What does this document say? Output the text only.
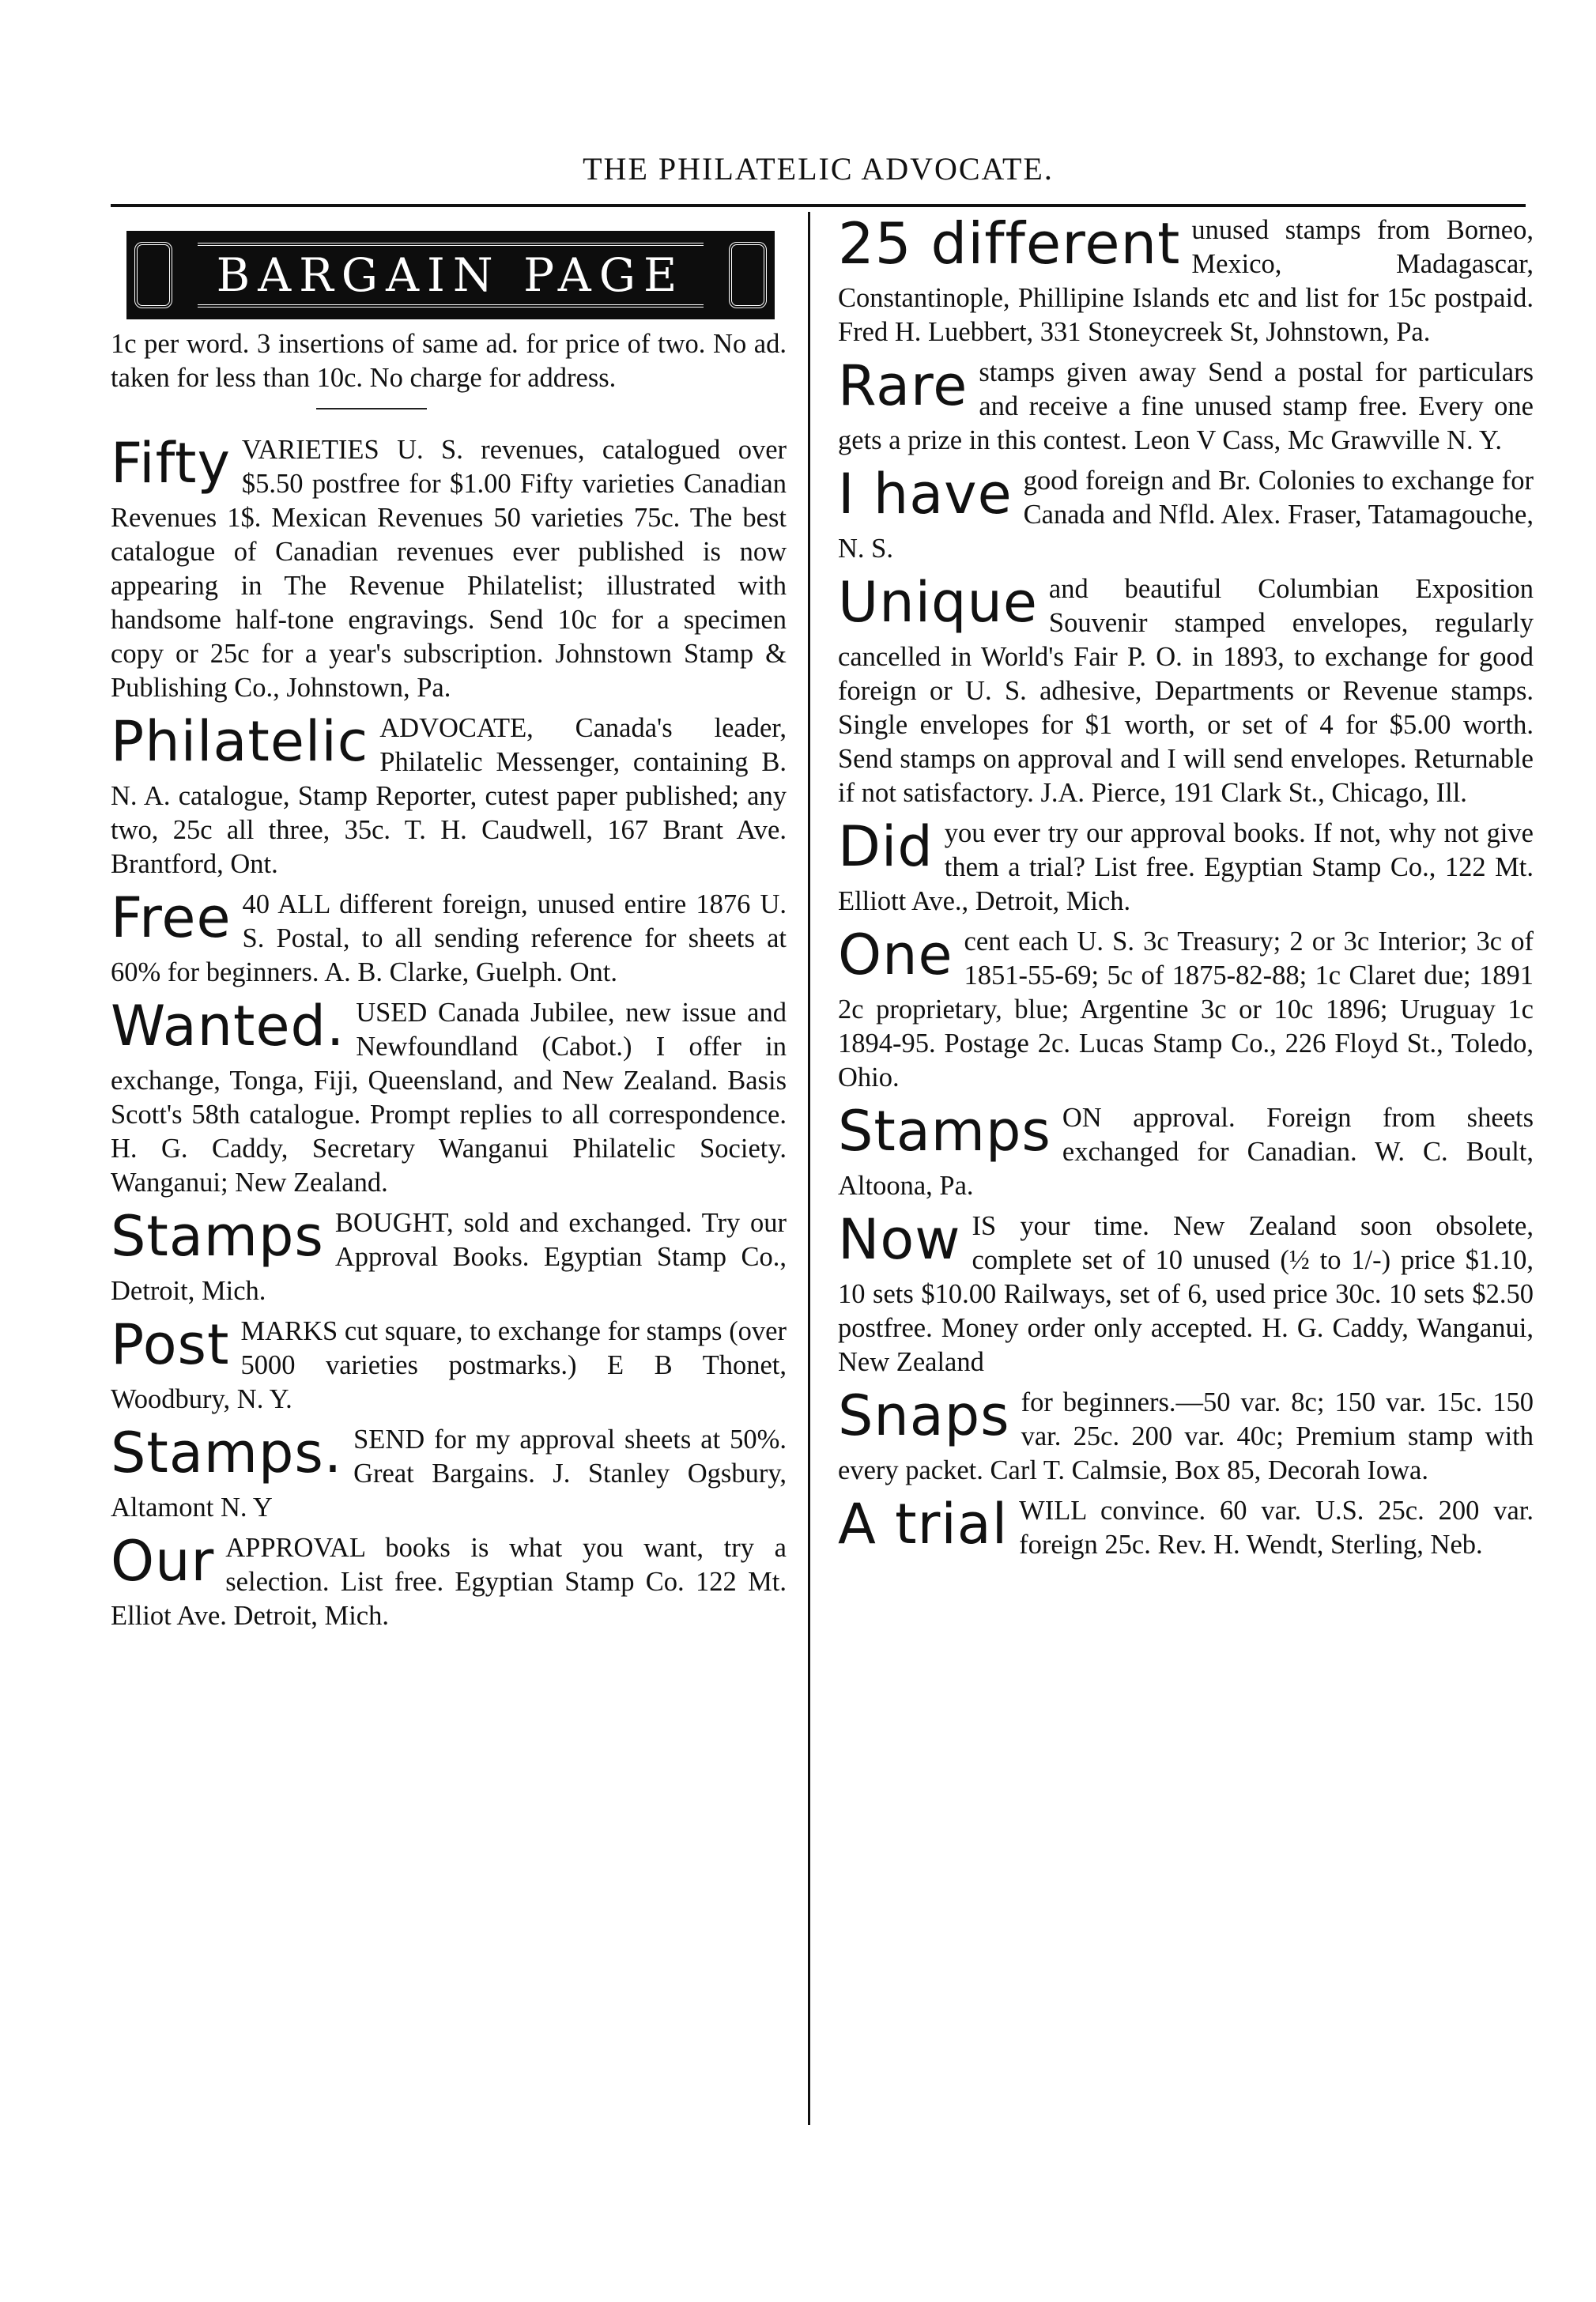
THE PHILATELIC ADVOCATE.
BARGAIN PAGE
1c per word. 3 insertions of same ad. for price of two. No ad. taken for less than 10c. No charge for address.
Fifty VARIETIES U. S. revenues, catalogued over $5.50 postfree for $1.00 Fifty varieties Canadian Revenues 1$. Mexican Revenues 50 varieties 75c. The best catalogue of Canadian revenues ever published is now appearing in The Revenue Philatelist; illustrated with handsome half-tone engravings. Send 10c for a specimen copy or 25c for a year's subscription. Johnstown Stamp & Publishing Co., Johnstown, Pa.
Philatelic ADVOCATE, Canada's leader, Philatelic Messenger, containing B. N. A. catalogue, Stamp Reporter, cutest paper published; any two, 25c all three, 35c. T. H. Caudwell, 167 Brant Ave. Brantford, Ont.
Free 40 ALL different foreign, unused entire 1876 U. S. Postal, to all sending reference for sheets at 60% for beginners. A. B. Clarke, Guelph. Ont.
Wanted. USED Canada Jubilee, new issue and Newfoundland (Cabot.) I offer in exchange, Tonga, Fiji, Queensland, and New Zealand. Basis Scott's 58th catalogue. Prompt replies to all correspondence. H. G. Caddy, Secretary Wanganui Philatelic Society. Wanganui; New Zealand.
Stamps BOUGHT, sold and exchanged. Try our Approval Books. Egyptian Stamp Co., Detroit, Mich.
Post MARKS cut square, to exchange for stamps (over 5000 varieties postmarks.) E B Thonet, Woodbury, N. Y.
Stamps. SEND for my approval sheets at 50%. Great Bargains. J. Stanley Ogsbury, Altamont N. Y
Our APPROVAL books is what you want, try a selection. List free. Egyptian Stamp Co. 122 Mt. Elliot Ave. Detroit, Mich.
25 different unused stamps from Borneo, Mexico, Madagascar, Constantinople, Phillipine Islands etc and list for 15c postpaid. Fred H. Luebbert, 331 Stoneycreek St, Johnstown, Pa.
Rare stamps given away Send a postal for particulars and receive a fine unused stamp free. Every one gets a prize in this contest. Leon V Cass, Mc Grawville N. Y.
I have good foreign and Br. Colonies to exchange for Canada and Nfld. Alex. Fraser, Tatamagouche, N. S.
Unique and beautiful Columbian Exposition Souvenir stamped envelopes, regularly cancelled in World's Fair P. O. in 1893, to exchange for good foreign or U. S. adhesive, Departments or Revenue stamps. Single envelopes for $1 worth, or set of 4 for $5.00 worth. Send stamps on approval and I will send envelopes. Returnable if not satisfactory. J.A. Pierce, 191 Clark St., Chicago, Ill.
Did you ever try our approval books. If not, why not give them a trial? List free. Egyptian Stamp Co., 122 Mt. Elliott Ave., Detroit, Mich.
One cent each U. S. 3c Treasury; 2 or 3c Interior; 3c of 1851-55-69; 5c of 1875-82-88; 1c Claret due; 1891 2c proprietary, blue; Argentine 3c or 10c 1896; Uruguay 1c 1894-95. Postage 2c. Lucas Stamp Co., 226 Floyd St., Toledo, Ohio.
Stamps ON approval. Foreign from sheets exchanged for Canadian. W. C. Boult, Altoona, Pa.
Now IS your time. New Zealand soon obsolete, complete set of 10 unused (½ to 1/-) price $1.10, 10 sets $10.00 Railways, set of 6, used price 30c. 10 sets $2.50 postfree. Money order only accepted. H. G. Caddy, Wanganui, New Zealand
Snaps for beginners.—50 var. 8c; 150 var. 15c. 150 var. 25c. 200 var. 40c; Premium stamp with every packet. Carl T. Calmsie, Box 85, Decorah Iowa.
A trial WILL convince. 60 var. U.S. 25c. 200 var. foreign 25c. Rev. H. Wendt, Sterling, Neb.
